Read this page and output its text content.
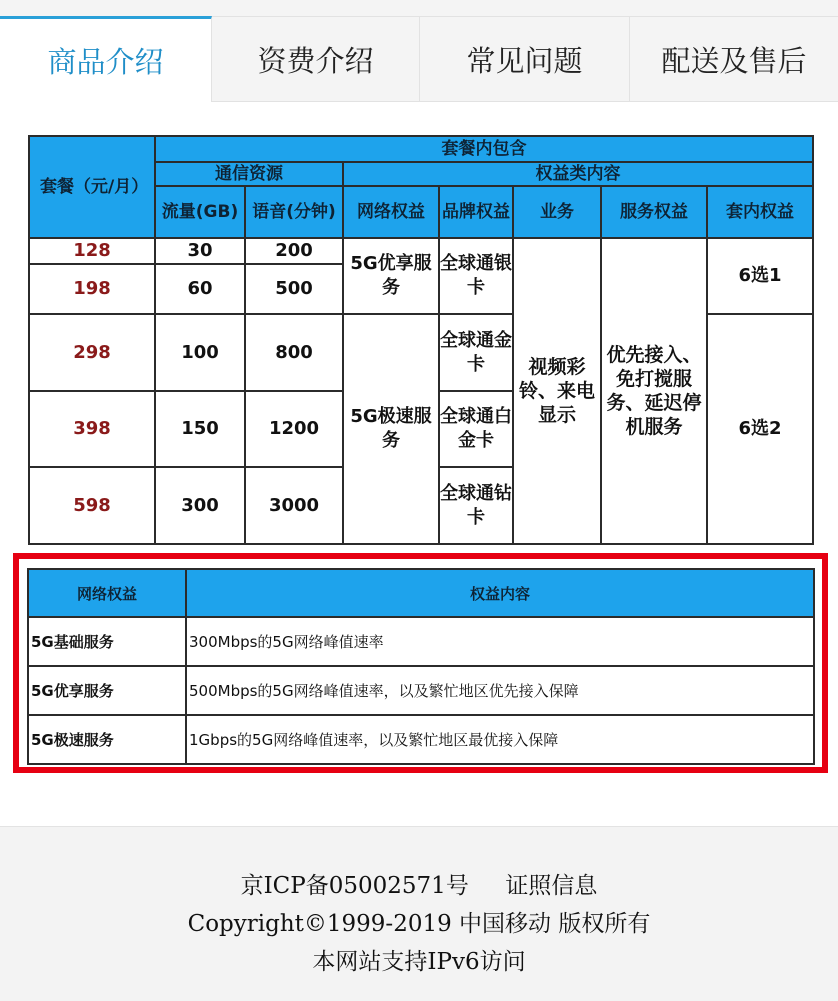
商品介绍	资费介绍	常见问题	配送及售后
套餐（元/月）	套餐内包含						
	通信资源		权益类内容				
	流量(GB)	语音(分钟)	网络权益	品牌权益	业务	服务权益	套内权益
128	30	200	5G优享服务	全球通银卡	视频彩铃、来电显示	优先接入、免打搅服务、延迟停机服务	6选1
198	60	500					
298	100	800	5G极速服务	全球通金卡			6选2
398	150	1200		全球通白金卡			
598	300	3000		全球通钻卡			
网络权益	权益内容
5G基础服务	300Mbps的5G网络峰值速率
5G优享服务	500Mbps的5G网络峰值速率，以及繁忙地区优先接入保障
5G极速服务	1Gbps的5G网络峰值速率，以及繁忙地区最优接入保障
京ICP备05002571号 证照信息
Copyright©1999-2019 中国移动 版权所有
本网站支持IPv6访问
